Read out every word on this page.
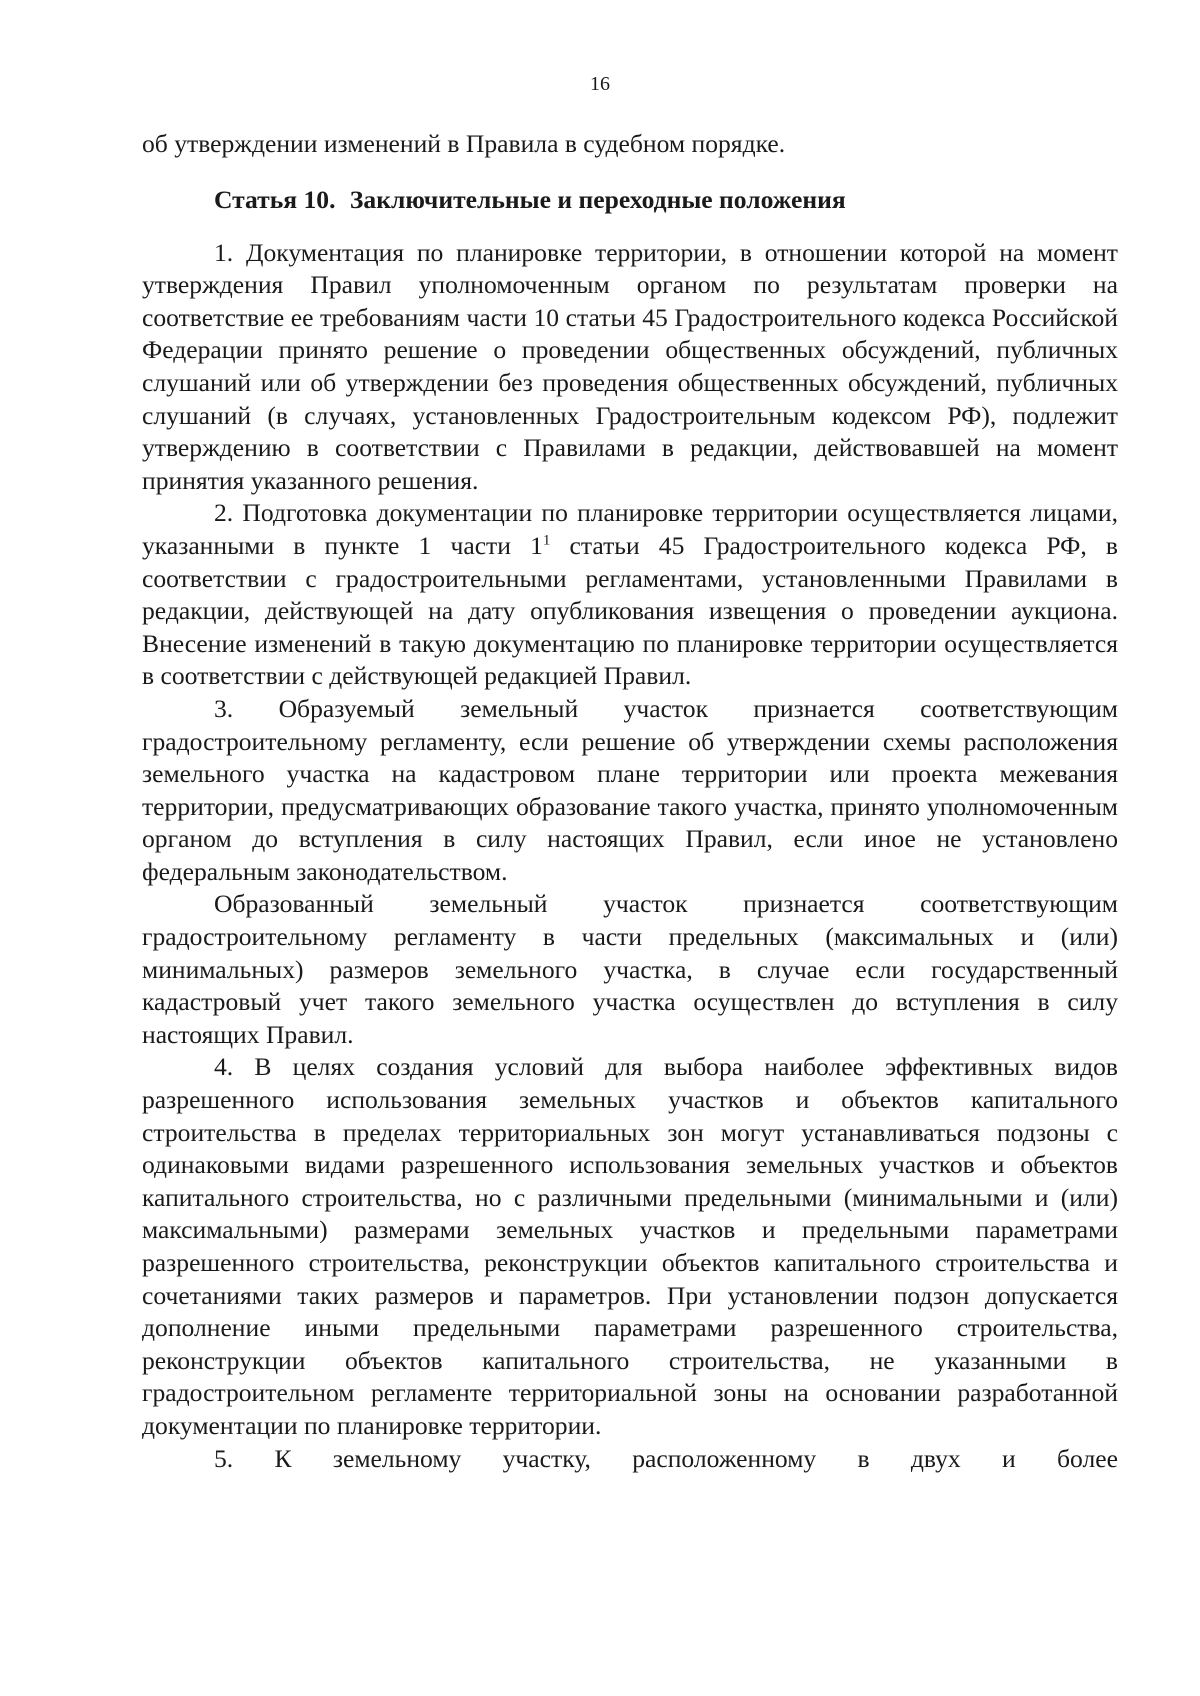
16

об утверждении изменений в Правила в судебном порядке.

Статья 10. Заключительные и переходные положения

1. Документация по планировке территории, в отношении которой на момент утверждения Правил уполномоченным органом по результатам проверки на соответствие ее требованиям части 10 статьи 45 Градостроительного кодекса Российской Федерации принято решение о проведении общественных обсуждений, публичных слушаний или об утверждении без проведения общественных обсуждений, публичных слушаний (в случаях, установленных Градостроительным кодексом РФ), подлежит утверждению в соответствии с Правилами в редакции, действовавшей на момент принятия указанного решения.

2. Подготовка документации по планировке территории осуществляется лицами, указанными в пункте 1 части $1^1$ статьи 45 Градостроительного кодекса РФ, в соответствии с градостроительными регламентами, установленными Правилами в редакции, действующей на дату опубликования извещения о проведении аукциона. Внесение изменений в такую документацию по планировке территории осуществляется в соответствии с действующей редакцией Правил.

3. Образуемый земельный участок признается соответствующим градостроительному регламенту, если решение об утверждении схемы расположения земельного участка на кадастровом плане территории или проекта межевания территории, предусматривающих образование такого участка, принято уполномоченным органом до вступления в силу настоящих Правил, если иное не установлено федеральным законодательством.

Образованный земельный участок признается соответствующим градостроительному регламенту в части предельных (максимальных и (или) минимальных) размеров земельного участка, в случае если государственный кадастровый учет такого земельного участка осуществлен до вступления в силу настоящих Правил.

4. В целях создания условий для выбора наиболее эффективных видов разрешенного использования земельных участков и объектов капитального строительства в пределах территориальных зон могут устанавливаться подзоны с одинаковыми видами разрешенного использования земельных участков и объектов капитального строительства, но с различными предельными (минимальными и (или) максимальными) размерами земельных участков и предельными параметрами разрешенного строительства, реконструкции объектов капитального строительства и сочетаниями таких размеров и параметров. При установлении подзон допускается дополнение иными предельными параметрами разрешенного строительства, реконструкции объектов капитального строительства, не указанными в градостроительном регламенте территориальной зоны на основании разработанной документации по планировке территории.

5. К земельному участку, расположенному в двух и более
